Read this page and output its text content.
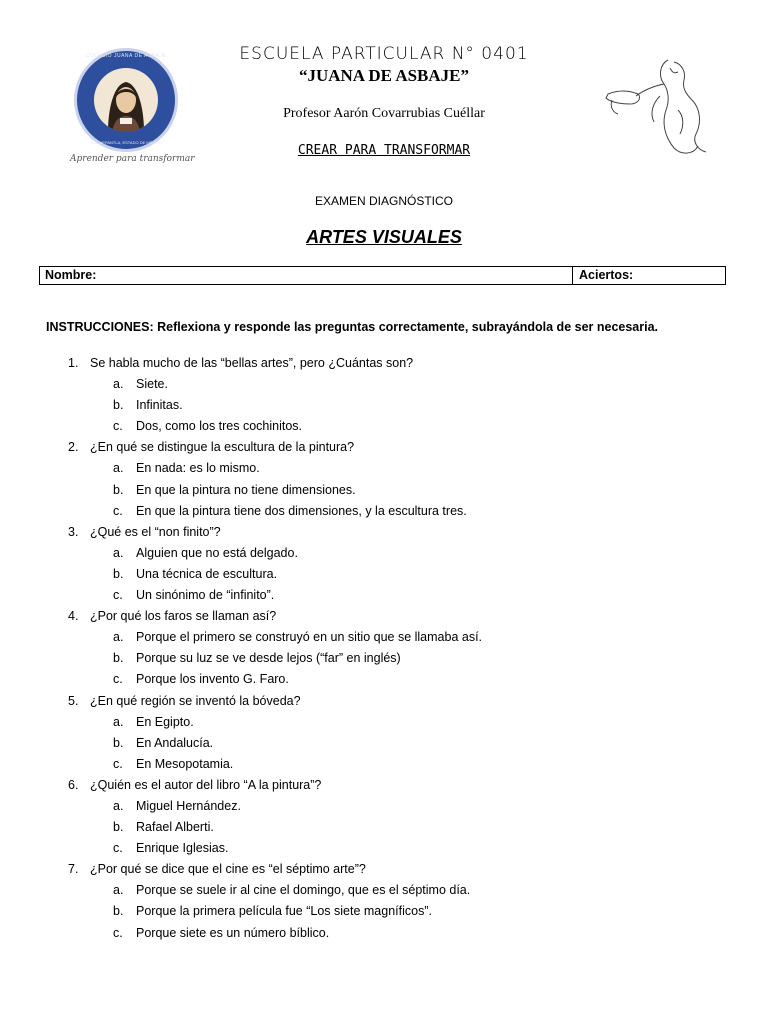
COLEGIO JUANA DE ASBAJE
TLALNEPANTLA, ESTADO DE MÉXICO
Aprender para transformar
ESCUELA PARTICULAR N° 0401
“JUANA DE ASBAJE”
Profesor Aarón Covarrubias Cuéllar
CREAR PARA TRANSFORMAR
EXAMEN DIAGNÓSTICO
ARTES VISUALES
Nombre:	Aciertos:
INSTRUCCIONES: Reflexiona y responde las preguntas correctamente, subrayándola de ser necesaria.
1. Se habla mucho de las “bellas artes”, pero ¿Cuántas son?
a. Siete.
b. Infinitas.
c. Dos, como los tres cochinitos.
2. ¿En qué se distingue la escultura de la pintura?
a. En nada: es lo mismo.
b. En que la pintura no tiene dimensiones.
c. En que la pintura tiene dos dimensiones, y la escultura tres.
3. ¿Qué es el “non finito”?
a. Alguien que no está delgado.
b. Una técnica de escultura.
c. Un sinónimo de “infinito”.
4. ¿Por qué los faros se llaman así?
a. Porque el primero se construyó en un sitio que se llamaba así.
b. Porque su luz se ve desde lejos (“far” en inglés)
c. Porque los invento G. Faro.
5. ¿En qué región se inventó la bóveda?
a. En Egipto.
b. En Andalucía.
c. En Mesopotamia.
6. ¿Quién es el autor del libro “A la pintura”?
a. Miguel Hernández.
b. Rafael Alberti.
c. Enrique Iglesias.
7. ¿Por qué se dice que el cine es “el séptimo arte”?
a. Porque se suele ir al cine el domingo, que es el séptimo día.
b. Porque la primera película fue “Los siete magníficos”.
c. Porque siete es un número bíblico.
